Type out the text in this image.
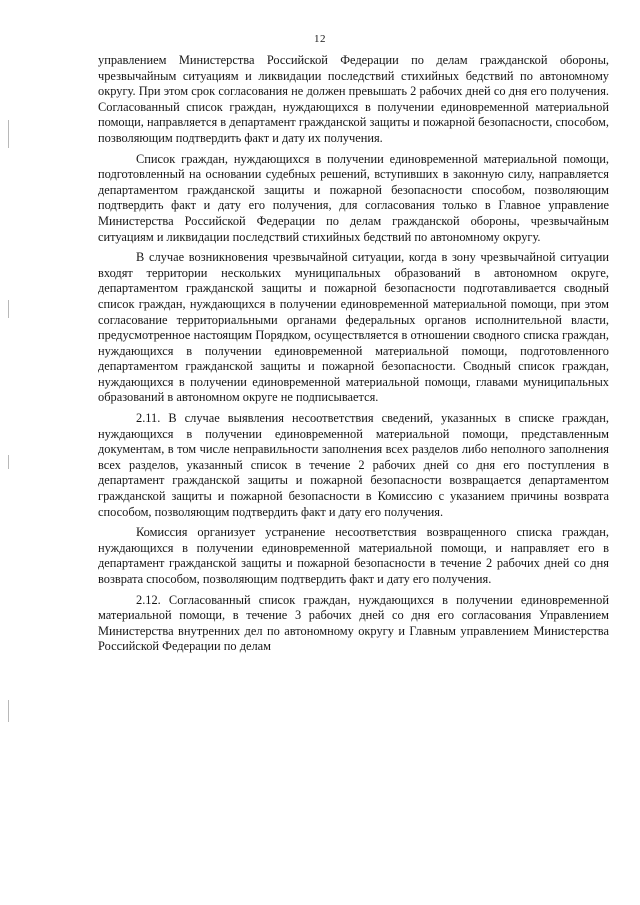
12

управлением Министерства Российской Федерации по делам гражданской обороны, чрезвычайным ситуациям и ликвидации последствий стихийных бедствий по автономному округу. При этом срок согласования не должен превышать 2 рабочих дней со дня его получения. Согласованный список граждан, нуждающихся в получении единовременной материальной помощи, направляется в департамент гражданской защиты и пожарной безопасности, способом, позволяющим подтвердить факт и дату их получения.

Список граждан, нуждающихся в получении единовременной материальной помощи, подготовленный на основании судебных решений, вступивших в законную силу, направляется департаментом гражданской защиты и пожарной безопасности способом, позволяющим подтвердить факт и дату его получения, для согласования только в Главное управление Министерства Российской Федерации по делам гражданской обороны, чрезвычайным ситуациям и ликвидации последствий стихийных бедствий по автономному округу.

В случае возникновения чрезвычайной ситуации, когда в зону чрезвычайной ситуации входят территории нескольких муниципальных образований в автономном округе, департаментом гражданской защиты и пожарной безопасности подготавливается сводный список граждан, нуждающихся в получении единовременной материальной помощи, при этом согласование территориальными органами федеральных органов исполнительной власти, предусмотренное настоящим Порядком, осуществляется в отношении сводного списка граждан, нуждающихся в получении единовременной материальной помощи, подготовленного департаментом гражданской защиты и пожарной безопасности. Сводный список граждан, нуждающихся в получении единовременной материальной помощи, главами муниципальных образований в автономном округе не подписывается.

2.11. В случае выявления несоответствия сведений, указанных в списке граждан, нуждающихся в получении единовременной материальной помощи, представленным документам, в том числе неправильности заполнения всех разделов либо неполного заполнения всех разделов, указанный список в течение 2 рабочих дней со дня его поступления в департамент гражданской защиты и пожарной безопасности возвращается департаментом гражданской защиты и пожарной безопасности в Комиссию с указанием причины возврата способом, позволяющим подтвердить факт и дату его получения.

Комиссия организует устранение несоответствия возвращенного списка граждан, нуждающихся в получении единовременной материальной помощи, и направляет его в департамент гражданской защиты и пожарной безопасности в течение 2 рабочих дней со дня возврата способом, позволяющим подтвердить факт и дату его получения.

2.12. Согласованный список граждан, нуждающихся в получении единовременной материальной помощи, в течение 3 рабочих дней со дня его согласования Управлением Министерства внутренних дел по автономному округу и Главным управлением Министерства Российской Федерации по делам
